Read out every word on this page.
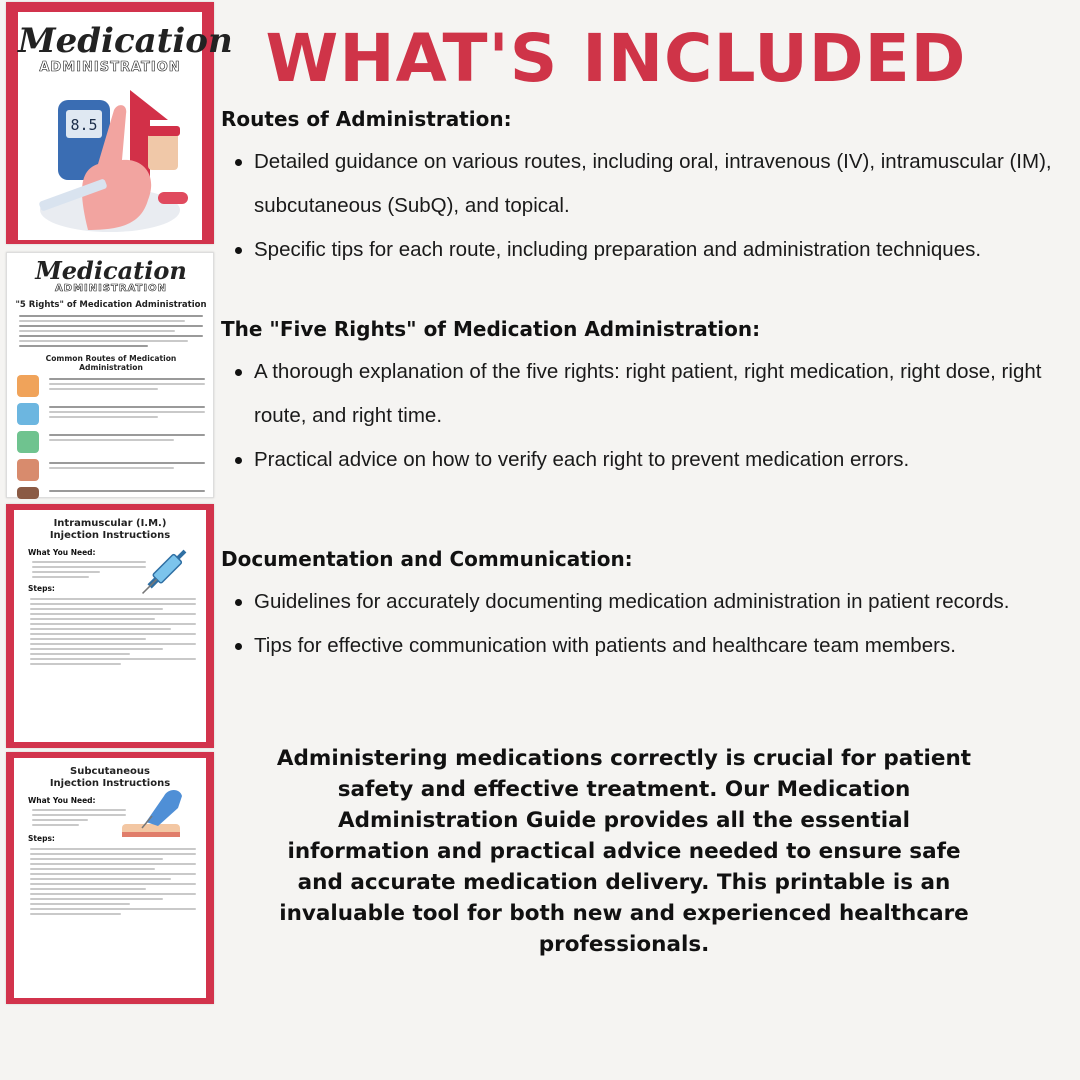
Medication
ADMINISTRATION
8.5
Medication
ADMINISTRATION
"5 Rights" of Medication Administration
Common Routes of Medication Administration
Intramuscular (I.M.) Injection Instructions
What You Need:
Steps:
Subcutaneous Injection Instructions
What You Need:
Steps:
WHAT'S INCLUDED
Routes of Administration:
Detailed guidance on various routes, including oral, intravenous (IV), intramuscular (IM), subcutaneous (SubQ), and topical.
Specific tips for each route, including preparation and administration techniques.
The "Five Rights" of Medication Administration:
A thorough explanation of the five rights: right patient, right medication, right dose, right route, and right time.
Practical advice on how to verify each right to prevent medication errors.
Documentation and Communication:
Guidelines for accurately documenting medication administration in patient records.
Tips for effective communication with patients and healthcare team members.

Administering medications correctly is crucial for patient safety and effective treatment. Our Medication Administration Guide provides all the essential information and practical advice needed to ensure safe and accurate medication delivery. This printable is an invaluable tool for both new and experienced healthcare professionals.
